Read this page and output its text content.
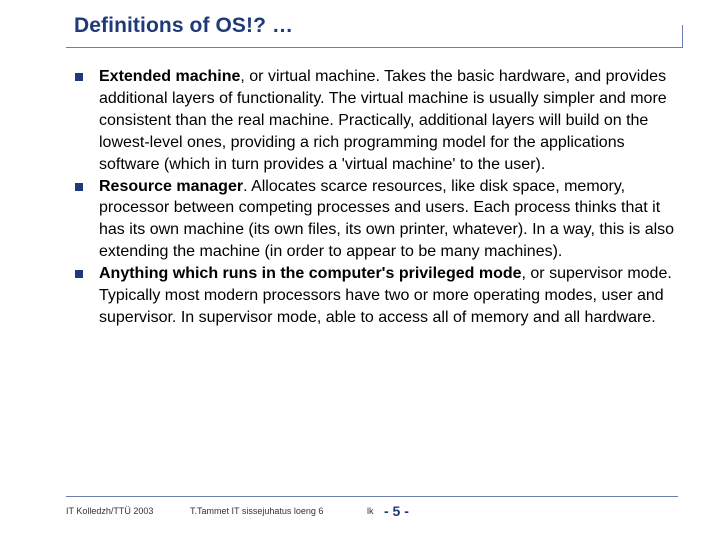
Definitions of OS!? …
Extended machine, or virtual machine. Takes the basic hardware, and provides additional layers of functionality. The virtual machine is usually simpler and more consistent than the real machine. Practically, additional layers will build on the lowest-level ones, providing a rich programming model for the applications software (which in turn provides a 'virtual machine' to the user).
Resource manager. Allocates scarce resources, like disk space, memory, processor between competing processes and users. Each process thinks that it has its own machine (its own files, its own printer, whatever). In a way, this is also extending the machine (in order to appear to be many machines).
Anything which runs in the computer's privileged mode, or supervisor mode. Typically most modern processors have two or more operating modes, user and supervisor. In supervisor mode, able to access all of memory and all hardware.
IT Kolledzh/TTÜ 2003	T.Tammet IT sissejuhatus loeng 6	lk - 5 -
